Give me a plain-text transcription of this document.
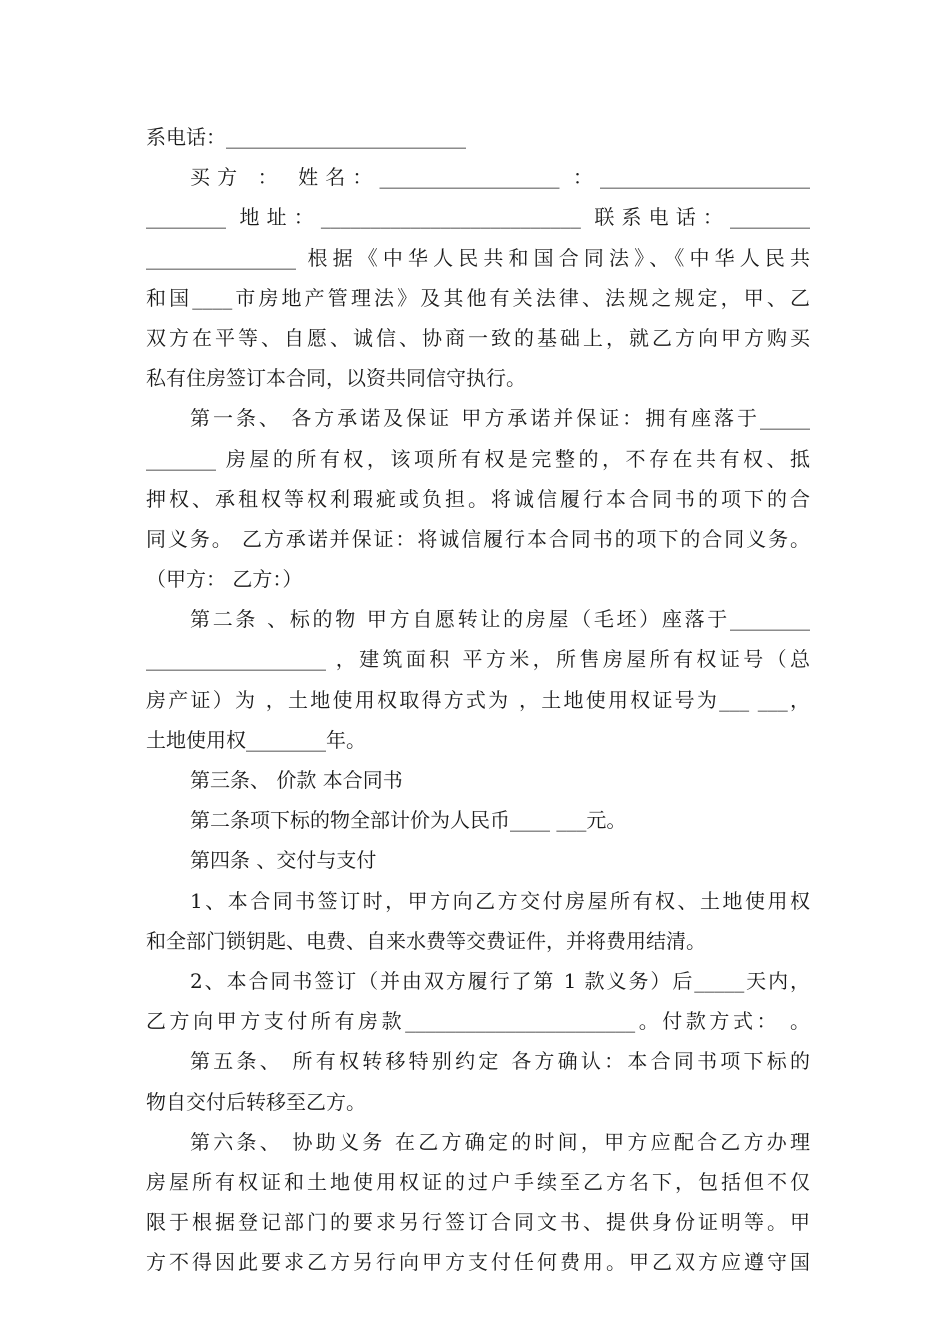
系电话：________________________
买方 ： 姓名：__________________ ：_____________________
________ 地址：__________________________ 联系电话：________
_______________ 根据《中华人民共和国合同法》、《中华人民共
和国____市房地产管理法》及其他有关法律、法规之规定，甲、乙
双方在平等、自愿、诚信、协商一致的基础上，就乙方向甲方购买
私有住房签订本合同，以资共同信守执行。
第一条、 各方承诺及保证 甲方承诺并保证：拥有座落于_____
_______ 房屋的所有权，该项所有权是完整的，不存在共有权、抵
押权、承租权等权利瑕疵或负担。将诚信履行本合同书的项下的合
同义务。 乙方承诺并保证：将诚信履行本合同书的项下的合同义务。
（甲方： 乙方：）
第二条 、标的物 甲方自愿转让的房屋（毛坯）座落于________
__________________ ，建筑面积 平方米，所售房屋所有权证号（总
房产证）为 ，土地使用权取得方式为 ，土地使用权证号为___ ___，
土地使用权________年。
第三条、 价款 本合同书
第二条项下标的物全部计价为人民币____ ___元。
第四条 、交付与支付
1、本合同书签订时，甲方向乙方交付房屋所有权、土地使用权
和全部门锁钥匙、电费、自来水费等交费证件，并将费用结清。
2、本合同书签订（并由双方履行了第 1 款义务）后_____天内，
乙方向甲方支付所有房款_______________________。付款方式： 。
第五条、 所有权转移特别约定 各方确认：本合同书项下标的
物自交付后转移至乙方。
第六条、 协助义务 在乙方确定的时间，甲方应配合乙方办理
房屋所有权证和土地使用权证的过户手续至乙方名下，包括但不仅
限于根据登记部门的要求另行签订合同文书、提供身份证明等。甲
方不得因此要求乙方另行向甲方支付任何费用。甲乙双方应遵守国
